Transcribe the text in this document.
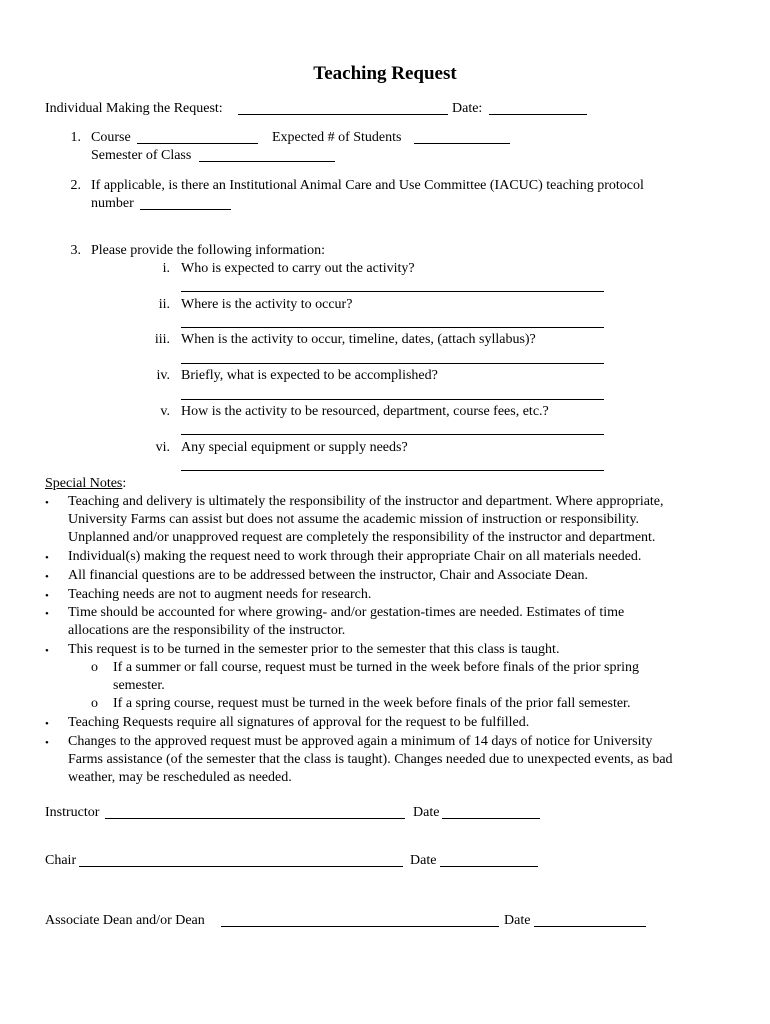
Teaching Request
Individual Making the Request:	Date:
1. Course	Expected # of Students
Semester of Class
2. If applicable, is there an Institutional Animal Care and Use Committee (IACUC) teaching protocol
number
3. Please provide the following information:
i. Who is expected to carry out the activity?
ii. Where is the activity to occur?
iii. When is the activity to occur, timeline, dates, (attach syllabus)?
iv. Briefly, what is expected to be accomplished?
v. How is the activity to be resourced, department, course fees, etc.?
vi. Any special equipment or supply needs?
Special Notes:
• Teaching and delivery is ultimately the responsibility of the instructor and department. Where appropriate,
University Farms can assist but does not assume the academic mission of instruction or responsibility.
Unplanned and/or unapproved request are completely the responsibility of the instructor and department.
• Individual(s) making the request need to work through their appropriate Chair on all materials needed.
• All financial questions are to be addressed between the instructor, Chair and Associate Dean.
• Teaching needs are not to augment needs for research.
• Time should be accounted for where growing- and/or gestation-times are needed. Estimates of time
allocations are the responsibility of the instructor.
• This request is to be turned in the semester prior to the semester that this class is taught.
o If a summer or fall course, request must be turned in the week before finals of the prior spring
semester.
o If a spring course, request must be turned in the week before finals of the prior fall semester.
• Teaching Requests require all signatures of approval for the request to be fulfilled.
• Changes to the approved request must be approved again a minimum of 14 days of notice for University
Farms assistance (of the semester that the class is taught). Changes needed due to unexpected events, as bad
weather, may be rescheduled as needed.
Instructor	Date
Chair	Date
Associate Dean and/or Dean	Date
